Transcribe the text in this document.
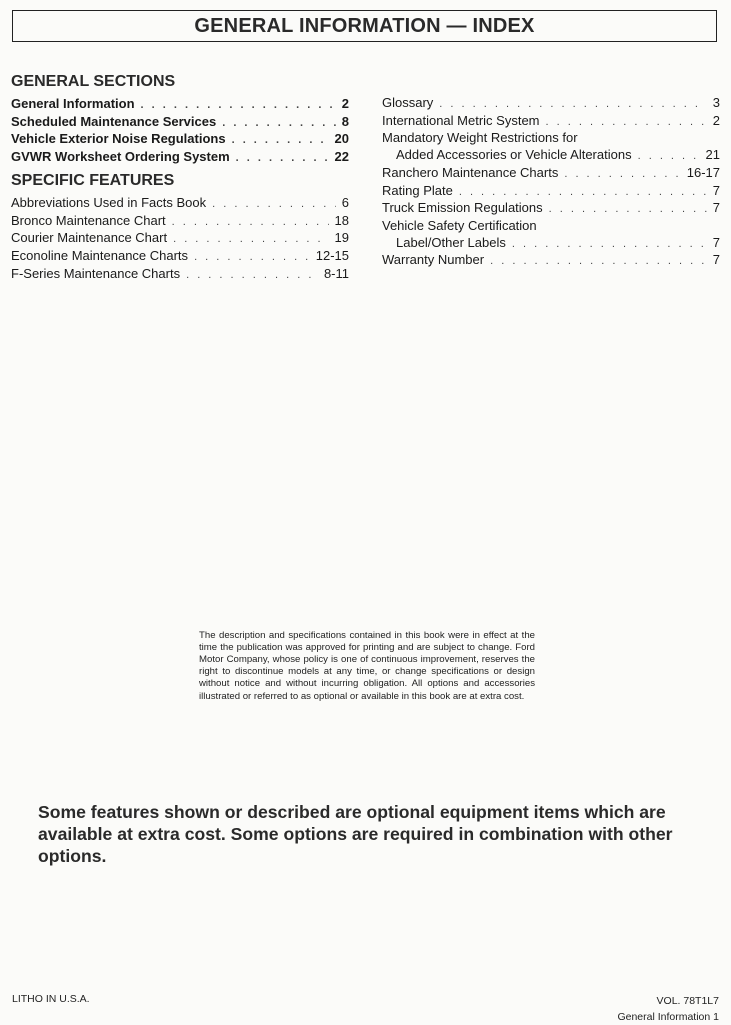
GENERAL INFORMATION — INDEX
GENERAL SECTIONS
General Information . . .	2
Scheduled Maintenance Services . . .	8
Vehicle Exterior Noise Regulations . . .	20
GVWR Worksheet Ordering System . . .	22
SPECIFIC FEATURES
Abbreviations Used in Facts Book . . .	6
Bronco Maintenance Chart . . .	18
Courier Maintenance Chart . . .	19
Econoline Maintenance Charts . . .	12-15
F-Series Maintenance Charts . . .	8-11
Glossary . . .	3
International Metric System . . .	2
Mandatory Weight Restrictions for
Added Accessories or Vehicle Alterations . . .	21
Ranchero Maintenance Charts . . .	16-17
Rating Plate . . .	7
Truck Emission Regulations . . .	7
Vehicle Safety Certification
Label/Other Labels . . .	7
Warranty Number . . .	7

The description and specifications contained in this book were in effect at the time the publication was approved for printing and are subject to change. Ford Motor Company, whose policy is one of continuous improvement, reserves the right to discontinue models at any time, or change specifications or design without notice and without incurring obligation. All options and accessories illustrated or referred to as optional or available in this book are at extra cost.

Some features shown or described are optional equipment items which are available at extra cost. Some options are required in combination with other options.

LITHO IN U.S.A.	VOL. 78T1L7
General Information 1
